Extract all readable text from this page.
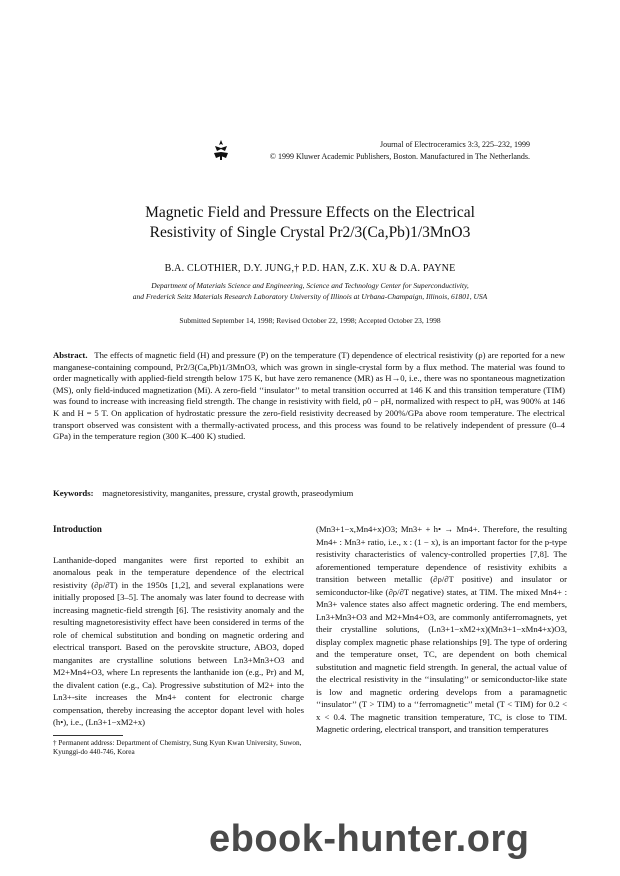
Journal of Electroceramics 3:3, 225–232, 1999
© 1999 Kluwer Academic Publishers, Boston. Manufactured in The Netherlands.
Magnetic Field and Pressure Effects on the Electrical
Resistivity of Single Crystal Pr2/3(Ca,Pb)1/3MnO3
B.A. CLOTHIER, D.Y. JUNG,† P.D. HAN, Z.K. XU & D.A. PAYNE
Department of Materials Science and Engineering, Science and Technology Center for Superconductivity,
and Frederick Seitz Materials Research Laboratory University of Illinois at Urbana-Champaign, Illinois, 61801, USA
Submitted September 14, 1998; Revised October 22, 1998; Accepted October 23, 1998
Abstract. The effects of magnetic field (H) and pressure (P) on the temperature (T) dependence of electrical resistivity (ρ) are reported for a new manganese-containing compound, Pr2/3(Ca,Pb)1/3MnO3, which was grown in single-crystal form by a flux method. The material was found to order magnetically with applied-field strength below 175 K, but have zero remanence (MR) as H→0, i.e., there was no spontaneous magnetization (MS), only field-induced magnetization (Mi). A zero-field ‘‘insulator’’ to metal transition occurred at 146 K and this transition temperature (TIM) was found to increase with increasing field strength. The change in resistivity with field, ρ0 − ρH, normalized with respect to ρH, was 900% at 146 K and H = 5 T. On application of hydrostatic pressure the zero-field resistivity decreased by 200%/GPa above room temperature. The electrical transport observed was consistent with a thermally-activated process, and this process was found to be relatively independent of pressure (0–4 GPa) in the temperature region (300 K–400 K) studied.
Keywords: magnetoresistivity, manganites, pressure, crystal growth, praseodymium
Introduction

Lanthanide-doped manganites were first reported to exhibit an anomalous peak in the temperature dependence of the electrical resistivity (∂ρ/∂T) in the 1950s [1,2], and several explanations were initially proposed [3–5]. The anomaly was later found to decrease with increasing magnetic-field strength [6]. The resistivity anomaly and the resulting magnetoresistivity effect have been considered in terms of the role of chemical substitution and bonding on magnetic ordering and electrical transport. Based on the perovskite structure, ABO3, doped manganites are crystalline solutions between Ln3+Mn3+O3 and M2+Mn4+O3, where Ln represents the lanthanide ion (e.g., Pr) and M, the divalent cation (e.g., Ca). Progressive substitution of M2+ into the Ln3+-site increases the Mn4+ content for electronic charge compensation, thereby increasing the acceptor dopant level with holes (h•), i.e., (Ln3+1−xM2+x)

† Permanent address: Department of Chemistry, Sung Kyun Kwan University, Suwon, Kyunggi-do 440-746, Korea

(Mn3+1−x,Mn4+x)O3; Mn3+ + h• → Mn4+. Therefore, the resulting Mn4+ : Mn3+ ratio, i.e., x : (1 − x), is an important factor for the p-type resistivity characteristics of valency-controlled properties [7,8]. The aforementioned temperature dependence of resistivity exhibits a transition between metallic (∂ρ/∂T positive) and insulator or semiconductor-like (∂ρ/∂T negative) states, at TIM. The mixed Mn4+ : Mn3+ valence states also affect magnetic ordering. The end members, Ln3+Mn3+O3 and M2+Mn4+O3, are commonly antiferromagnets, yet their crystalline solutions, (Ln3+1−xM2+x)(Mn3+1−xMn4+x)O3, display complex magnetic phase relationships [9]. The type of ordering and the temperature onset, TC, are dependent on both chemical substitution and magnetic field strength. In general, the actual value of the electrical resistivity in the ‘‘insulating’’ or semiconductor-like state is low and magnetic ordering develops from a paramagnetic ‘‘insulator’’ (T > TIM) to a ‘‘ferromagnetic’’ metal (T < TIM) for 0.2 < x < 0.4. The magnetic transition temperature, TC, is close to TIM. Magnetic ordering, electrical transport, and transition temperatures

ebook-hunter.org
